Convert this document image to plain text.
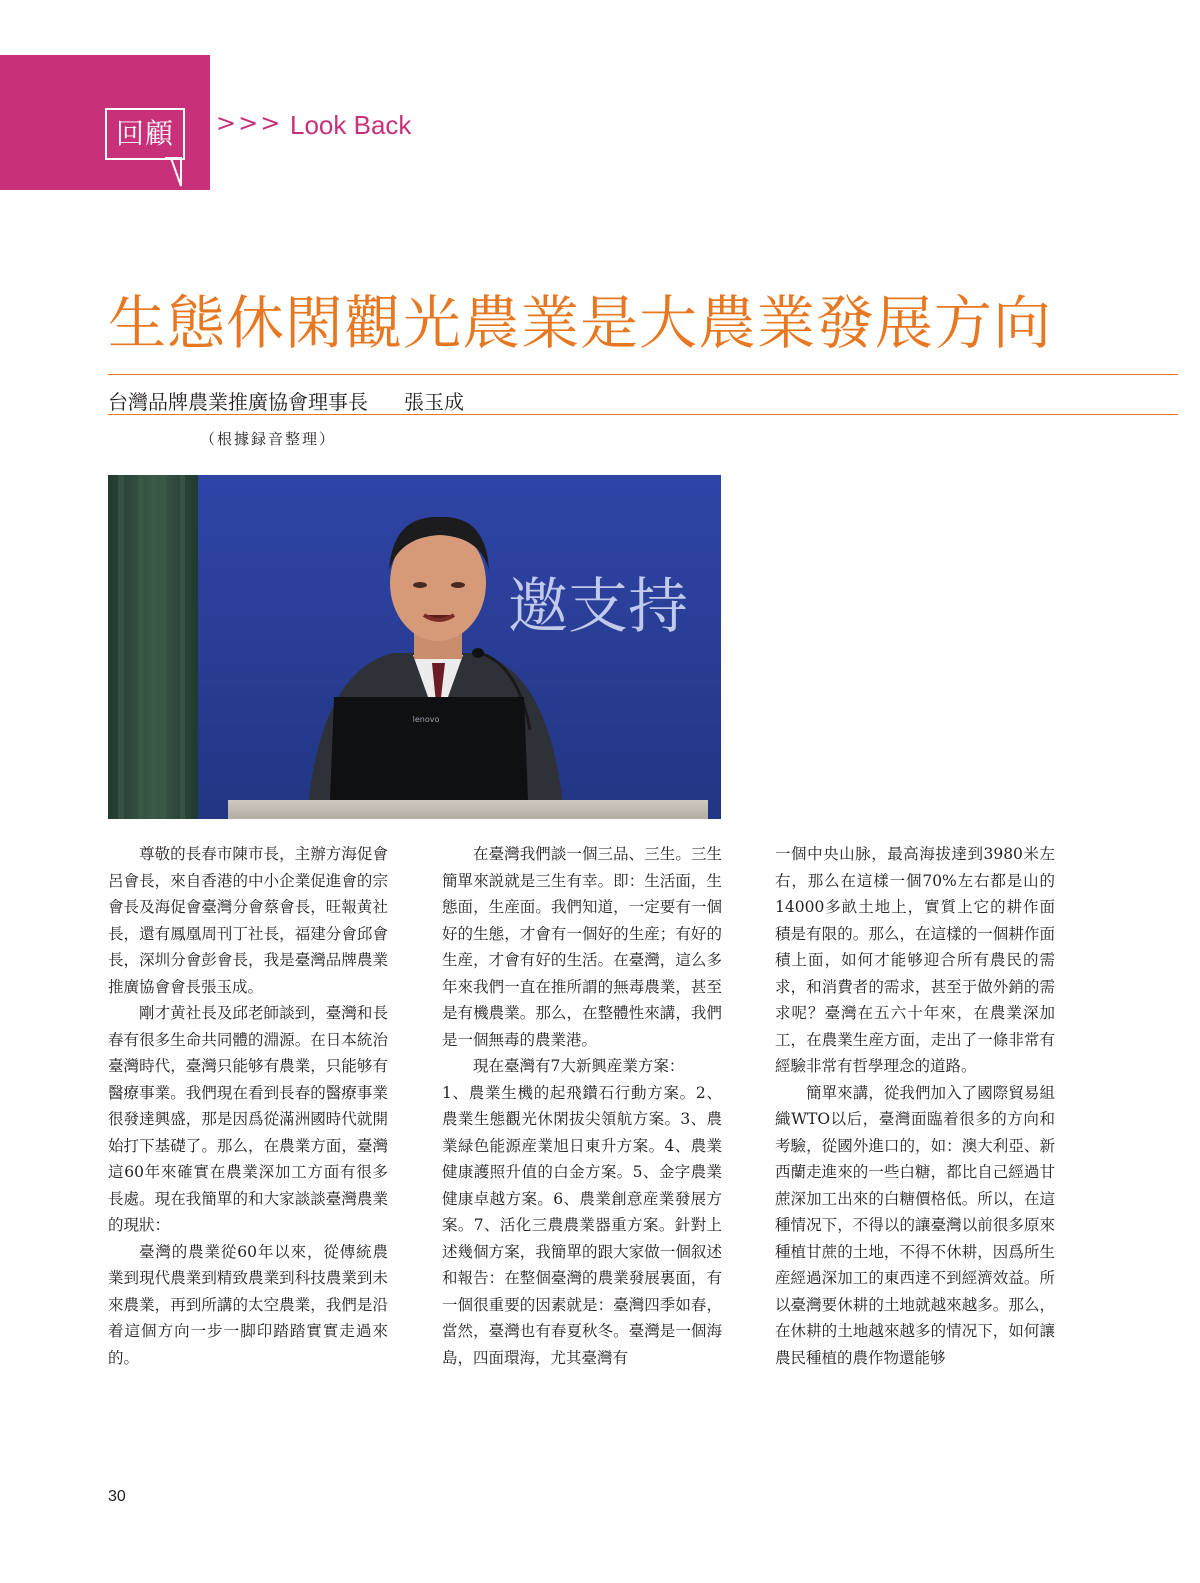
回顧	>>> Look Back
生態休閑觀光農業是大農業發展方向
台灣品牌農業推廣協會理事長 張玉成
（根據録音整理）
lenovo
邀支持

尊敬的長春市陳市長，主辦方海促會呂會長，來自香港的中小企業促進會的宗會長及海促會臺灣分會蔡會長，旺報黄社長，還有鳳凰周刊丁社長，福建分會邱會長，深圳分會彭會長，我是臺灣品牌農業推廣協會會長張玉成。

剛才黄社長及邱老師談到，臺灣和長春有很多生命共同體的淵源。在日本統治臺灣時代，臺灣只能够有農業，只能够有醫療事業。我們現在看到長春的醫療事業很發達興盛，那是因爲從滿洲國時代就開始打下基礎了。那么，在農業方面，臺灣這60年來確實在農業深加工方面有很多長處。現在我簡單的和大家談談臺灣農業的現狀：

臺灣的農業從60年以來，從傳統農業到現代農業到精致農業到科技農業到未來農業，再到所講的太空農業，我們是沿着這個方向一步一脚印踏踏實實走過來的。

在臺灣我們談一個三品、三生。三生簡單來説就是三生有幸。即：生活面，生態面，生産面。我們知道，一定要有一個好的生態，才會有一個好的生産；有好的生産，才會有好的生活。在臺灣，這么多年來我們一直在推所謂的無毒農業，甚至是有機農業。那么，在整體性來講，我們是一個無毒的農業港。

現在臺灣有7大新興産業方案：

1、農業生機的起飛鑽石行動方案。2、農業生態觀光休閑拔尖領航方案。3、農業緑色能源産業旭日東升方案。4、農業健康護照升值的白金方案。5、金字農業健康卓越方案。6、農業創意産業發展方案。7、活化三農農業器重方案。針對上述幾個方案，我簡單的跟大家做一個叙述和報告：在整個臺灣的農業發展裏面，有一個很重要的因素就是：臺灣四季如春，當然，臺灣也有春夏秋冬。臺灣是一個海島，四面環海，尤其臺灣有

一個中央山脉，最高海拔達到3980米左右，那么在這樣一個70%左右都是山的14000多畝土地上，實質上它的耕作面積是有限的。那么，在這樣的一個耕作面積上面，如何才能够迎合所有農民的需求，和消費者的需求，甚至于做外銷的需求呢？臺灣在五六十年來，在農業深加工，在農業生産方面，走出了一條非常有經驗非常有哲學理念的道路。

簡單來講，從我們加入了國際貿易組織WTO以后，臺灣面臨着很多的方向和考驗，從國外進口的，如：澳大利亞、新西蘭走進來的一些白糖，都比自己經過甘蔗深加工出來的白糖價格低。所以，在這種情况下，不得以的讓臺灣以前很多原來種植甘蔗的土地，不得不休耕，因爲所生産經過深加工的東西達不到經濟效益。所以臺灣要休耕的土地就越來越多。那么，在休耕的土地越來越多的情况下，如何讓農民種植的農作物還能够

30
